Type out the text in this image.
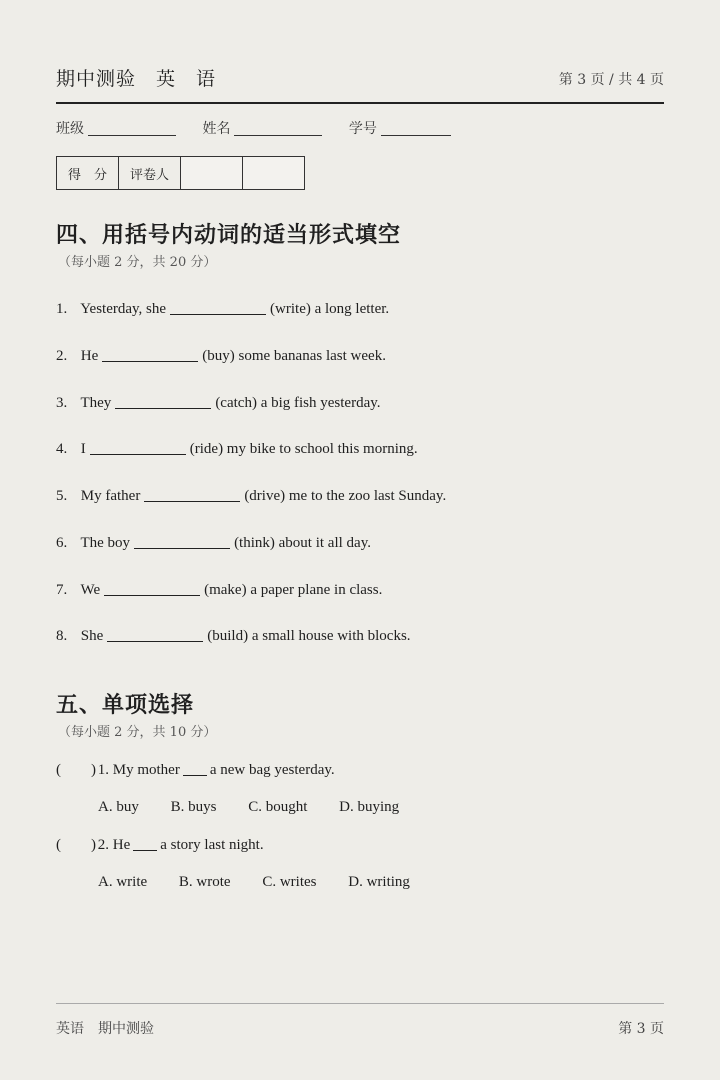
期中测验　英　语	第 3 页 / 共 4 页
班级	姓名	学号
得　分	评卷人		
四、用括号内动词的适当形式填空
（每小题 2 分，共 20 分）
1. Yesterday, she	(write) a long letter.
2. He	(buy) some bananas last week.
3. They	(catch) a big fish yesterday.
4. I	(ride) my bike to school this morning.
5. My father	(drive) me to the zoo last Sunday.
6. The boy	(think) about it all day.
7. We	(make) a paper plane in class.
8. She	(build) a small house with blocks.
五、单项选择
（每小题 2 分，共 10 分）
( ) 1. My mother a new bag yesterday.
A. buy B. buys C. bought D. buying
( ) 2. He a story last night.
A. write B. wrote C. writes D. writing
英语　期中测验	第 3 页
